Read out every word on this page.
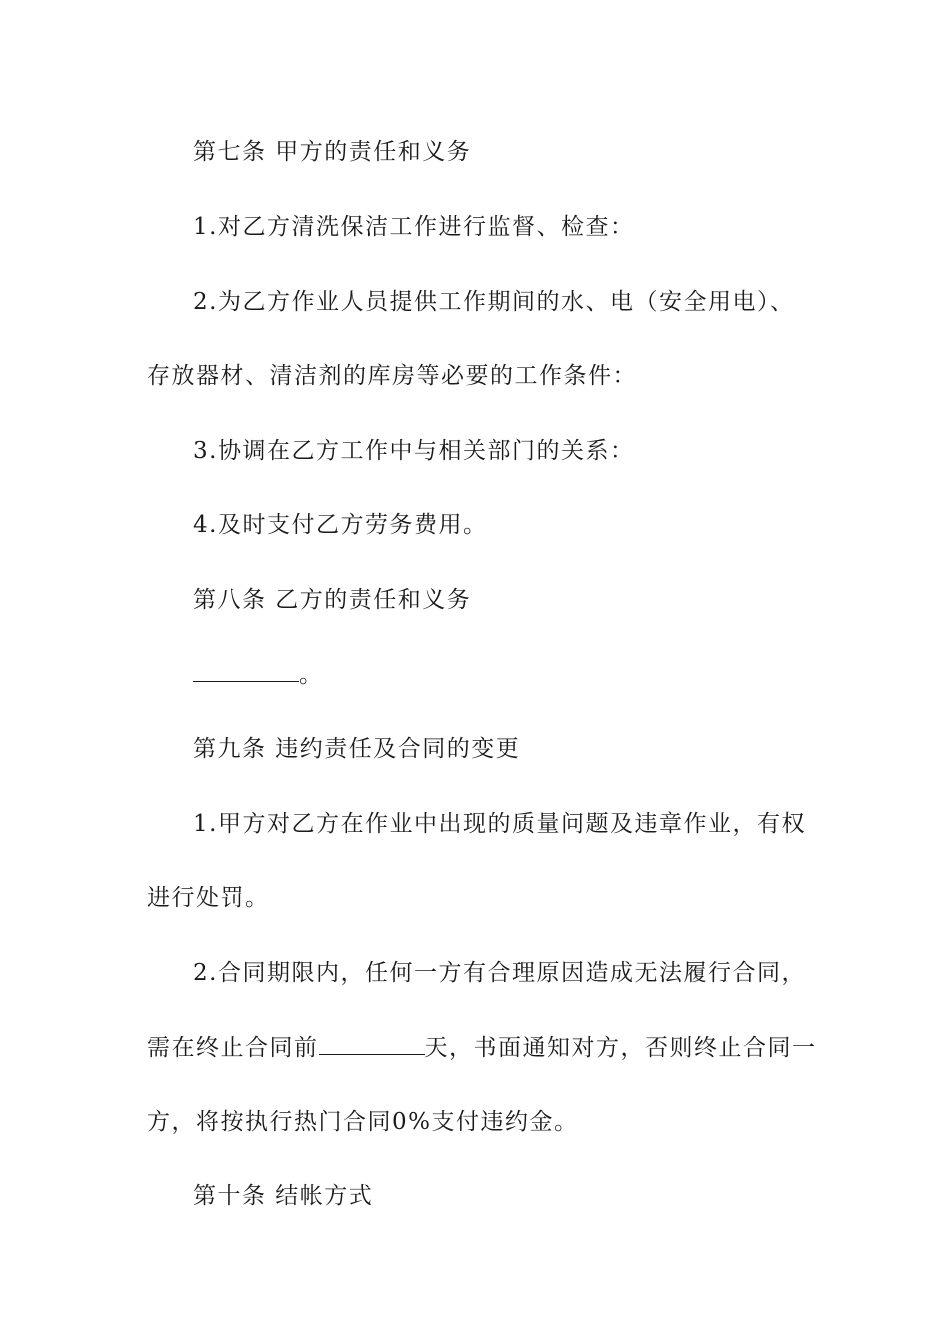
第七条 甲方的责任和义务
1.对乙方清洗保洁工作进行监督、检查：
2.为乙方作业人员提供工作期间的水、电（安全用电）、
存放器材、清洁剂的库房等必要的工作条件：
3.协调在乙方工作中与相关部门的关系：
4.及时支付乙方劳务费用。
第八条 乙方的责任和义务
。
第九条 违约责任及合同的变更
1.甲方对乙方在作业中出现的质量问题及违章作业，有权
进行处罚。
2.合同期限内，任何一方有合理原因造成无法履行合同，
需在终止合同前	天，书面通知对方，否则终止合同一
方，将按执行热门合同0%支付违约金。
第十条 结帐方式
